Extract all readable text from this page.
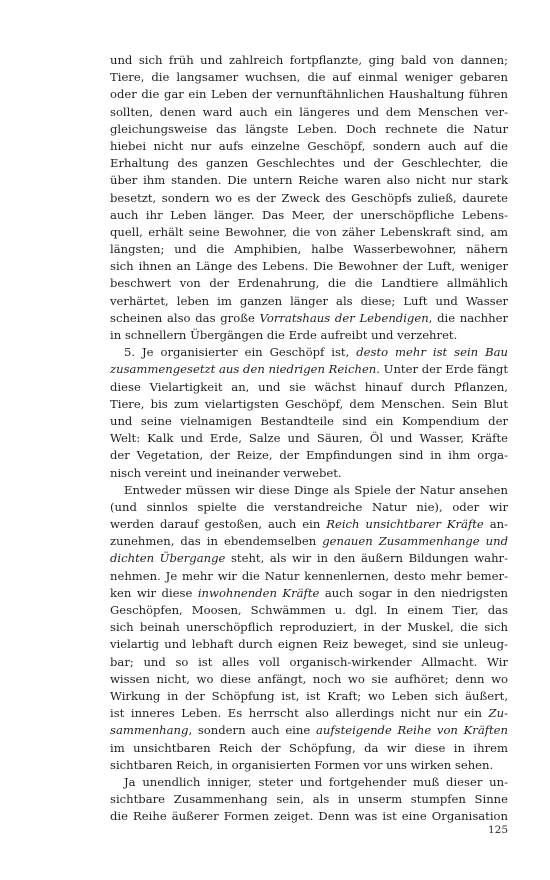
und sich früh und zahlreich fortpflanzte, ging bald von dannen;
Tiere, die langsamer wuchsen, die auf einmal weniger gebaren
oder die gar ein Leben der vernunftähnlichen Haushaltung führen
sollten, denen ward auch ein längeres und dem Menschen ver-
gleichungsweise das längste Leben. Doch rechnete die Natur
hiebei nicht nur aufs einzelne Geschöpf, sondern auch auf die
Erhaltung des ganzen Geschlechtes und der Geschlechter, die
über ihm standen. Die untern Reiche waren also nicht nur stark
besetzt, sondern wo es der Zweck des Geschöpfs zuließ, daurete
auch ihr Leben länger. Das Meer, der unerschöpfliche Lebens-
quell, erhält seine Bewohner, die von zäher Lebenskraft sind, am
längsten; und die Amphibien, halbe Wasserbewohner, nähern
sich ihnen an Länge des Lebens. Die Bewohner der Luft, weniger
beschwert von der Erdenahrung, die die Landtiere allmählich
verhärtet, leben im ganzen länger als diese; Luft und Wasser
scheinen also das große Vorratshaus der Lebendigen, die nachher
in schnellern Übergängen die Erde aufreibt und verzehret.
5. Je organisierter ein Geschöpf ist, desto mehr ist sein Bau
zusammengesetzt aus den niedrigen Reichen. Unter der Erde fängt
diese Vielartigkeit an, und sie wächst hinauf durch Pflanzen,
Tiere, bis zum vielartigsten Geschöpf, dem Menschen. Sein Blut
und seine vielnamigen Bestandteile sind ein Kompendium der
Welt: Kalk und Erde, Salze und Säuren, Öl und Wasser, Kräfte
der Vegetation, der Reize, der Empfindungen sind in ihm orga-
nisch vereint und ineinander verwebet.
Entweder müssen wir diese Dinge als Spiele der Natur ansehen
(und sinnlos spielte die verstandreiche Natur nie), oder wir
werden darauf gestoßen, auch ein Reich unsichtbarer Kräfte an-
zunehmen, das in ebendemselben genauen Zusammenhange und
dichten Übergange steht, als wir in den äußern Bildungen wahr-
nehmen. Je mehr wir die Natur kennenlernen, desto mehr bemer-
ken wir diese inwohnenden Kräfte auch sogar in den niedrigsten
Geschöpfen, Moosen, Schwämmen u. dgl. In einem Tier, das
sich beinah unerschöpflich reproduziert, in der Muskel, die sich
vielartig und lebhaft durch eignen Reiz beweget, sind sie unleug-
bar; und so ist alles voll organisch-wirkender Allmacht. Wir
wissen nicht, wo diese anfängt, noch wo sie aufhöret; denn wo
Wirkung in der Schöpfung ist, ist Kraft; wo Leben sich äußert,
ist inneres Leben. Es herrscht also allerdings nicht nur ein Zu-
sammenhang, sondern auch eine aufsteigende Reihe von Kräften
im unsichtbaren Reich der Schöpfung, da wir diese in ihrem
sichtbaren Reich, in organisierten Formen vor uns wirken sehen.
Ja unendlich inniger, steter und fortgehender muß dieser un-
sichtbare Zusammenhang sein, als in unserm stumpfen Sinne
die Reihe äußerer Formen zeiget. Denn was ist eine Organisation
125
